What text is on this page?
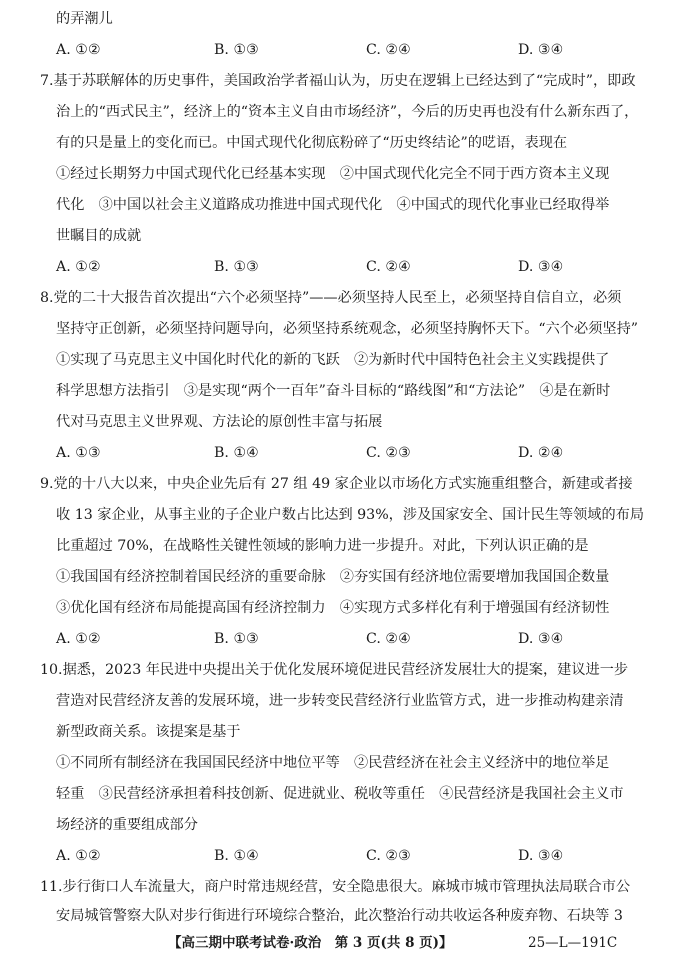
的弄潮儿
A. ①②	B. ①③	C. ②④	D. ③④
7.基于苏联解体的历史事件，美国政治学者福山认为，历史在逻辑上已经达到了“完成时”，即政
治上的“西式民主”，经济上的“资本主义自由市场经济”，今后的历史再也没有什么新东西了，
有的只是量上的变化而已。中国式现代化彻底粉碎了“历史终结论”的呓语，表现在
①经过长期努力中国式现代化已经基本实现　②中国式现代化完全不同于西方资本主义现
代化　③中国以社会主义道路成功推进中国式现代化　④中国式的现代化事业已经取得举
世瞩目的成就
A. ①②	B. ①③	C. ②④	D. ③④
8.党的二十大报告首次提出“六个必须坚持”——必须坚持人民至上，必须坚持自信自立，必须
坚持守正创新，必须坚持问题导向，必须坚持系统观念，必须坚持胸怀天下。“六个必须坚持”
①实现了马克思主义中国化时代化的新的飞跃　②为新时代中国特色社会主义实践提供了
科学思想方法指引　③是实现“两个一百年”奋斗目标的“路线图”和“方法论”　④是在新时
代对马克思主义世界观、方法论的原创性丰富与拓展
A. ①③	B. ①④	C. ②③	D. ②④
9.党的十八大以来，中央企业先后有 27 组 49 家企业以市场化方式实施重组整合，新建或者接
收 13 家企业，从事主业的子企业户数占比达到 93%，涉及国家安全、国计民生等领域的布局
比重超过 70%，在战略性关键性领域的影响力进一步提升。对此，下列认识正确的是
①我国国有经济控制着国民经济的重要命脉　②夯实国有经济地位需要增加我国国企数量
③优化国有经济布局能提高国有经济控制力　④实现方式多样化有利于增强国有经济韧性
A. ①②	B. ①③	C. ②④	D. ③④
10.据悉，2023 年民进中央提出关于优化发展环境促进民营经济发展壮大的提案，建议进一步
营造对民营经济友善的发展环境，进一步转变民营经济行业监管方式，进一步推动构建亲清
新型政商关系。该提案是基于
①不同所有制经济在我国国民经济中地位平等　②民营经济在社会主义经济中的地位举足
轻重　③民营经济承担着科技创新、促进就业、税收等重任　④民营经济是我国社会主义市
场经济的重要组成部分
A. ①②	B. ①④	C. ②③	D. ③④
11.步行街口人车流量大，商户时常违规经营，安全隐患很大。麻城市城市管理执法局联合市公
安局城管警察大队对步行街进行环境综合整治，此次整治行动共收运各种废弃物、石块等 3
【高三期中联考试卷·政治　第 3 页(共 8 页)】	25—L—191C
